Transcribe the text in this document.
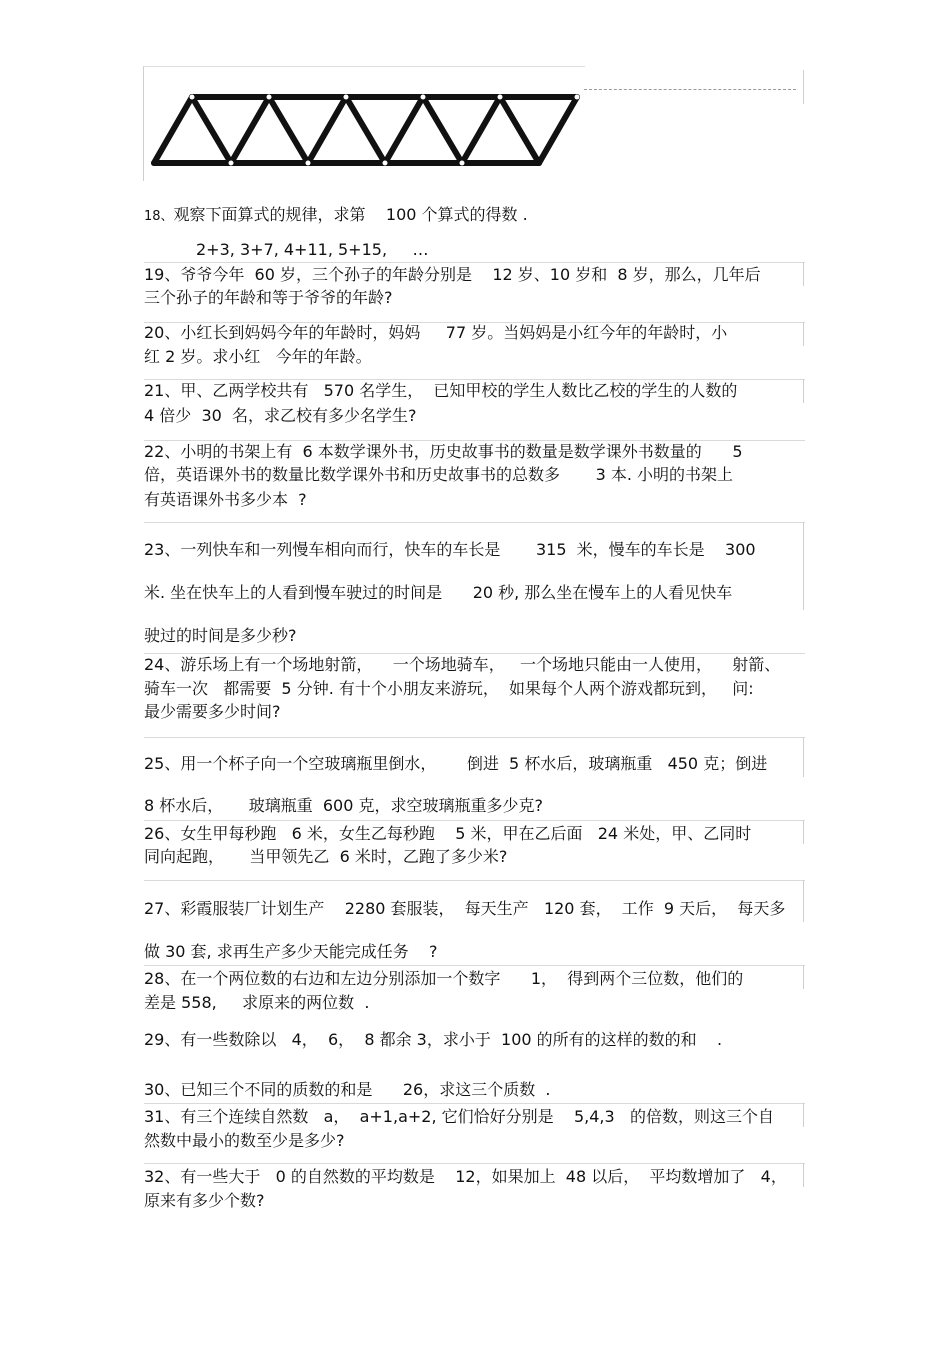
18、观察下面算式的规律，求第    100 个算式的得数 .
2+3, 3+7, 4+11, 5+15,     …
19、爷爷今年  60 岁，三个孙子的年龄分别是    12 岁、10 岁和  8 岁，那么，几年后
三个孙子的年龄和等于爷爷的年龄?
20、小红长到妈妈今年的年龄时，妈妈     77 岁。当妈妈是小红今年的年龄时，小
红 2 岁。求小红   今年的年龄。
21、甲、乙两学校共有   570 名学生，  已知甲校的学生人数比乙校的学生的人数的
4 倍少  30  名，求乙校有多少名学生?
22、小明的书架上有  6 本数学课外书，历史故事书的数量是数学课外书数量的      5
倍，英语课外书的数量比数学课外书和历史故事书的总数多       3 本. 小明的书架上
有英语课外书多少本  ?
23、一列快车和一列慢车相向而行，快车的车长是       315  米，慢车的车长是    300
米. 坐在快车上的人看到慢车驶过的时间是      20 秒, 那么坐在慢车上的人看见快车
驶过的时间是多少秒?
24、游乐场上有一个场地射箭，    一个场地骑车，   一个场地只能由一人使用，    射箭、
骑车一次   都需要  5 分钟. 有十个小朋友来游玩，  如果每个人两个游戏都玩到，   问:
最少需要多少时间?
25、用一个杯子向一个空玻璃瓶里倒水，      倒进  5 杯水后，玻璃瓶重   450 克；倒进
8 杯水后，     玻璃瓶重  600 克，求空玻璃瓶重多少克?
26、女生甲每秒跑   6 米，女生乙每秒跑    5 米，甲在乙后面   24 米处，甲、乙同时
同向起跑，     当甲领先乙  6 米时，乙跑了多少米?
27、彩霞服装厂计划生产    2280 套服装，  每天生产   120 套，  工作  9 天后，  每天多
做 30 套, 求再生产多少天能完成任务    ?
28、在一个两位数的右边和左边分别添加一个数字      1，  得到两个三位数，他们的
差是 558,     求原来的两位数  .
29、有一些数除以   4，  6，  8 都余 3，求小于  100 的所有的这样的数的和    .
30、已知三个不同的质数的和是      26，求这三个质数  .
31、有三个连续自然数   a，  a+1,a+2, 它们恰好分别是    5,4,3   的倍数，则这三个自
然数中最小的数至少是多少?
32、有一些大于   0 的自然数的平均数是    12，如果加上  48 以后，  平均数增加了   4，
原来有多少个数?
